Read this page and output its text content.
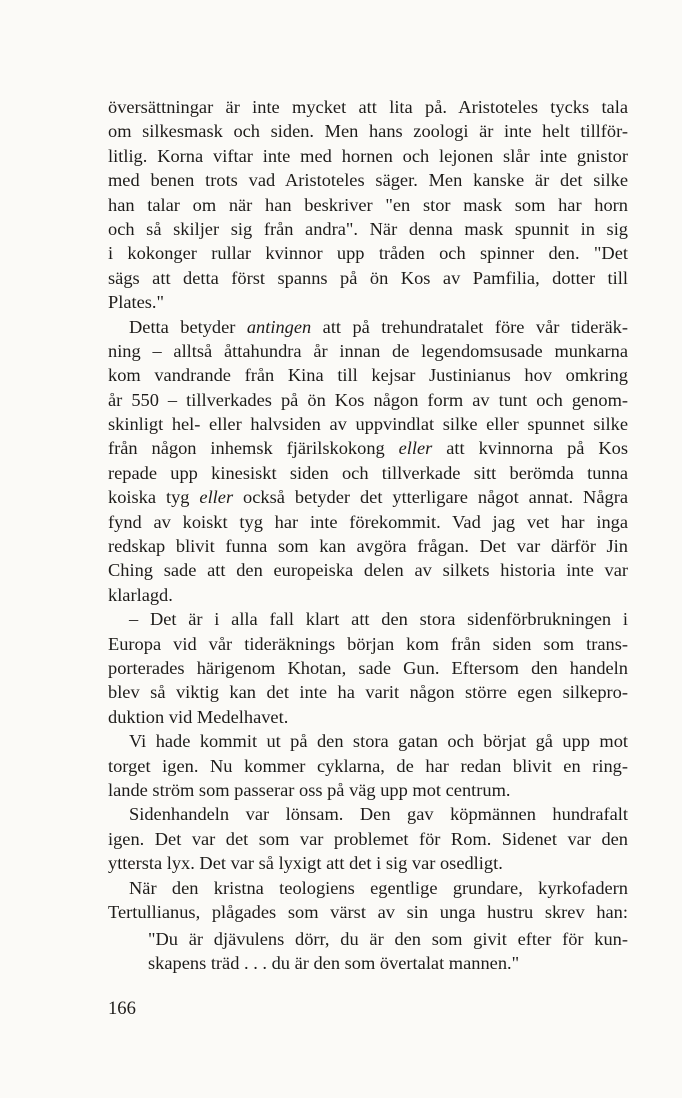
översättningar är inte mycket att lita på. Aristoteles tycks tala
om silkesmask och siden. Men hans zoologi är inte helt tillför-
litlig. Korna viftar inte med hornen och lejonen slår inte gnistor
med benen trots vad Aristoteles säger. Men kanske är det silke
han talar om när han beskriver "en stor mask som har horn
och så skiljer sig från andra". När denna mask spunnit in sig
i kokonger rullar kvinnor upp tråden och spinner den. "Det
sägs att detta först spanns på ön Kos av Pamfilia, dotter till
Plates."
Detta betyder antingen att på trehundratalet före vår tideräk-
ning – alltså åttahundra år innan de legendomsusade munkarna
kom vandrande från Kina till kejsar Justinianus hov omkring
år 550 – tillverkades på ön Kos någon form av tunt och genom-
skinligt hel- eller halvsiden av uppvindlat silke eller spunnet silke
från någon inhemsk fjärilskokong eller att kvinnorna på Kos
repade upp kinesiskt siden och tillverkade sitt berömda tunna
koiska tyg eller också betyder det ytterligare något annat. Några
fynd av koiskt tyg har inte förekommit. Vad jag vet har inga
redskap blivit funna som kan avgöra frågan. Det var därför Jin
Ching sade att den europeiska delen av silkets historia inte var
klarlagd.
– Det är i alla fall klart att den stora sidenförbrukningen i
Europa vid vår tideräknings början kom från siden som trans-
porterades härigenom Khotan, sade Gun. Eftersom den handeln
blev så viktig kan det inte ha varit någon större egen silkepro-
duktion vid Medelhavet.
Vi hade kommit ut på den stora gatan och börjat gå upp mot
torget igen. Nu kommer cyklarna, de har redan blivit en ring-
lande ström som passerar oss på väg upp mot centrum.
Sidenhandeln var lönsam. Den gav köpmännen hundrafalt
igen. Det var det som var problemet för Rom. Sidenet var den
yttersta lyx. Det var så lyxigt att det i sig var osedligt.
När den kristna teologiens egentlige grundare, kyrkofadern
Tertullianus, plågades som värst av sin unga hustru skrev han:
"Du är djävulens dörr, du är den som givit efter för kun-
skapens träd . . . du är den som övertalat mannen."
166
